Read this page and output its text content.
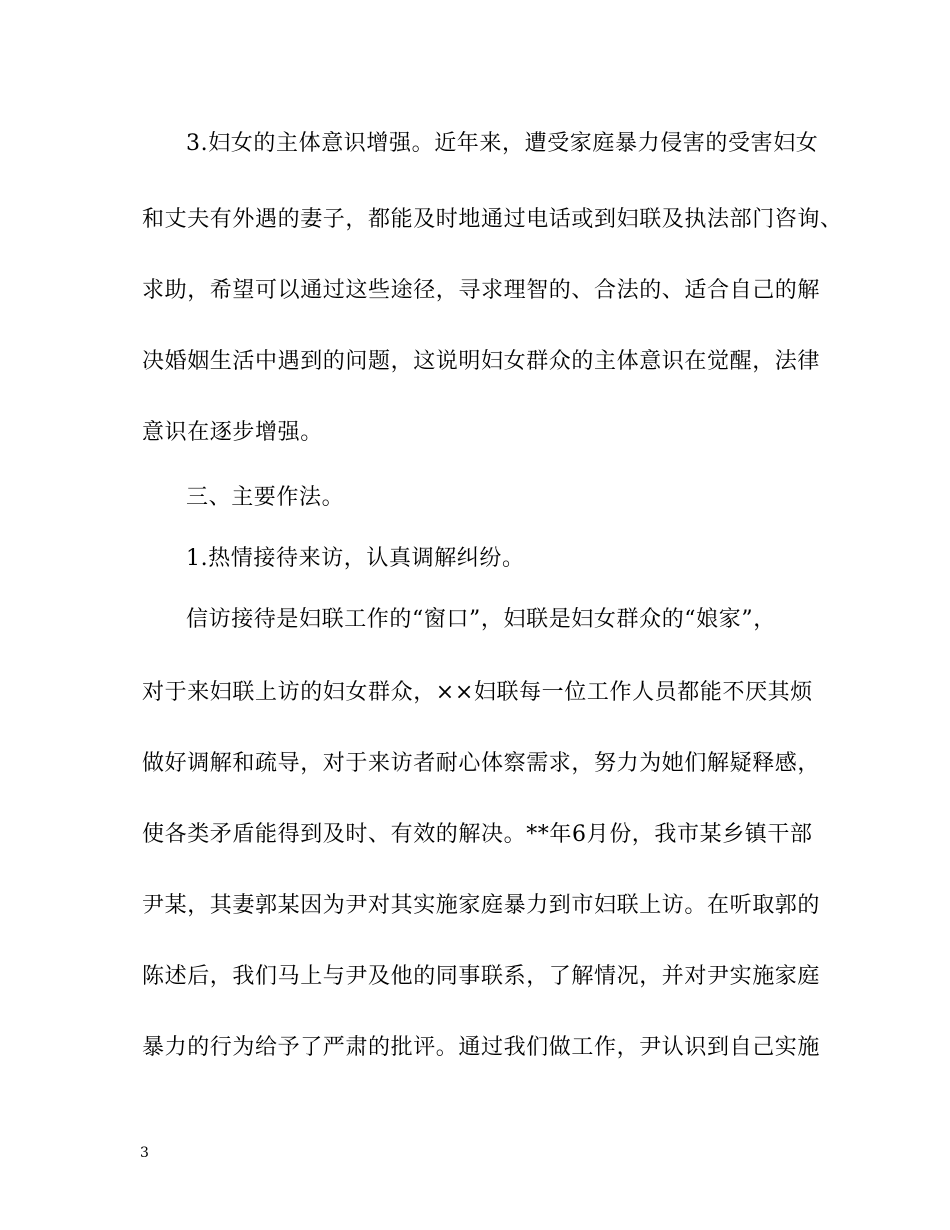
3.妇女的主体意识增强。近年来，遭受家庭暴力侵害的受害妇女
和丈夫有外遇的妻子，都能及时地通过电话或到妇联及执法部门咨询、
求助，希望可以通过这些途径，寻求理智的、合法的、适合自己的解
决婚姻生活中遇到的问题，这说明妇女群众的主体意识在觉醒，法律
意识在逐步增强。
三、主要作法。
1.热情接待来访，认真调解纠纷。
信访接待是妇联工作的“窗口”，妇联是妇女群众的“娘家”，
对于来妇联上访的妇女群众，××妇联每一位工作人员都能不厌其烦
做好调解和疏导，对于来访者耐心体察需求，努力为她们解疑释感，
使各类矛盾能得到及时、有效的解决。**年6月份，我市某乡镇干部
尹某，其妻郭某因为尹对其实施家庭暴力到市妇联上访。在听取郭的
陈述后，我们马上与尹及他的同事联系，了解情况，并对尹实施家庭
暴力的行为给予了严肃的批评。通过我们做工作，尹认识到自己实施
3
